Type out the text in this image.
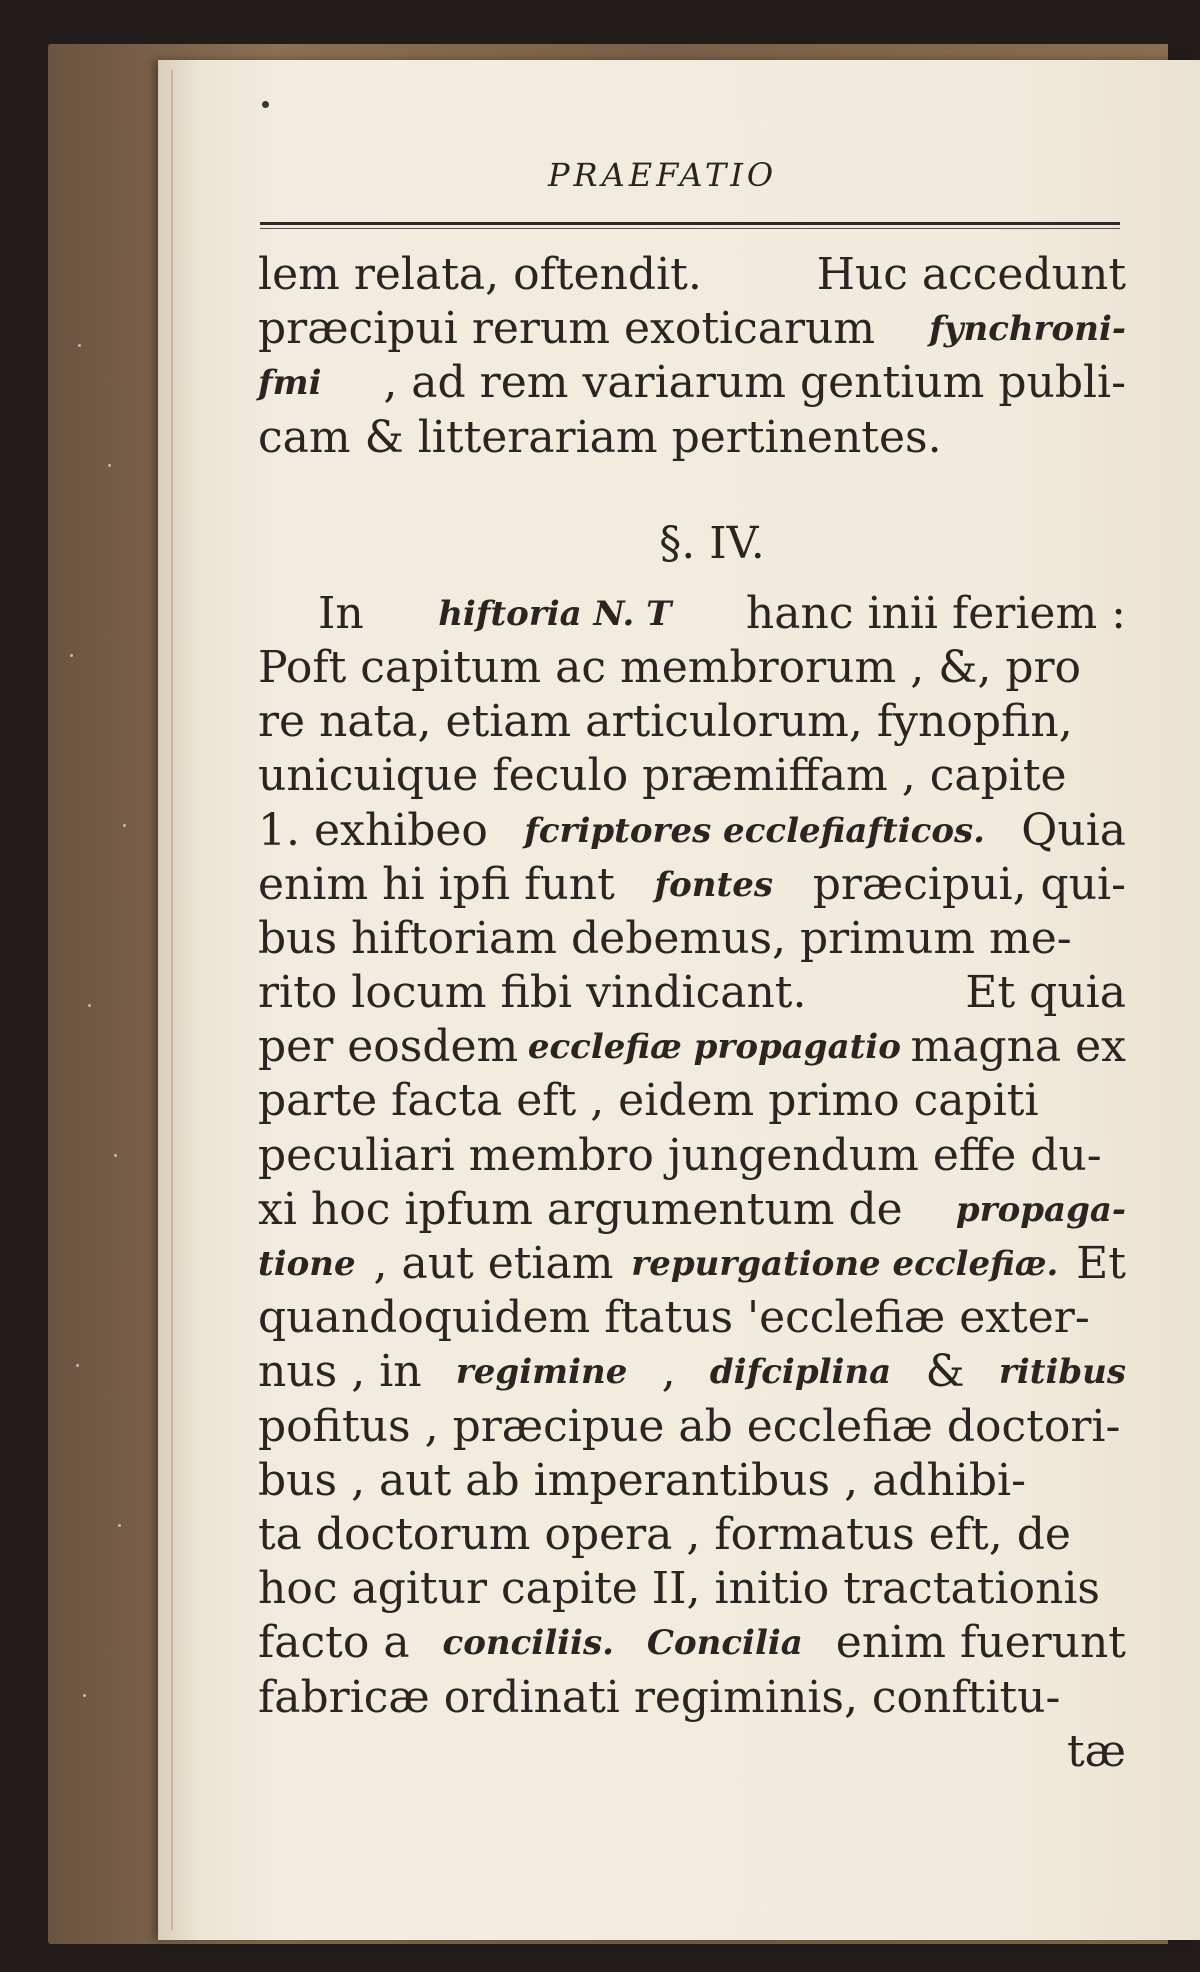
PRAEFATIO
lem relata, oftendit.	Huc accedunt
præcipui rerum exoticarum fynchroni-
fmi , ad rem variarum gentium publi-
cam & litterariam pertinentes.
§. IV.
In hiftoria N. T hanc inii feriem :
Poft capitum ac membrorum , &, pro
re nata, etiam articulorum, fynopfin,
unicuique feculo præmiffam , capite
1. exhibeo fcriptores ecclefiafticos. Quia
enim hi ipfi funt fontes præcipui, qui-
bus hiftoriam debemus, primum me-
rito locum fibi vindicant.	Et quia
per eosdem ecclefiæ propagatio magna ex
parte facta eft , eidem primo capiti
peculiari membro jungendum effe du-
xi hoc ipfum argumentum de propaga-
tione , aut etiam repurgatione ecclefiæ. Et
quandoquidem ftatus 'ecclefiæ exter-
nus , in regimine , difciplina & ritibus
pofitus , præcipue ab ecclefiæ doctori-
bus , aut ab imperantibus , adhibi-
ta doctorum opera , formatus eft, de
hoc agitur capite II, initio tractationis
facto a conciliis. Concilia enim fuerunt
fabricæ ordinati regiminis, conftitu-
tæ
